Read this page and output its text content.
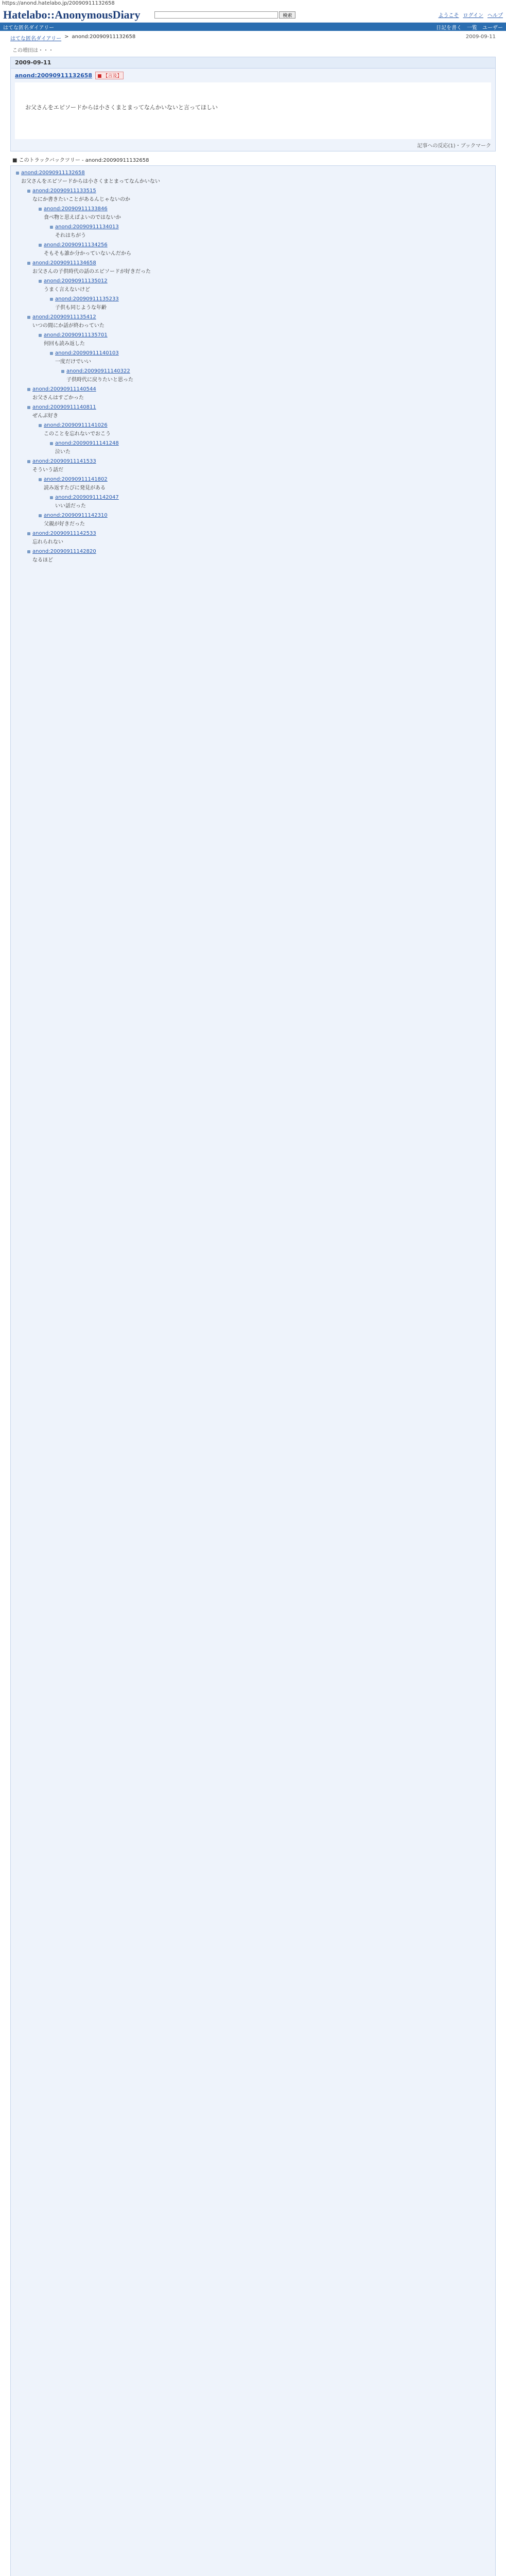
https://anond.hatelabo.jp/20090911132658
Hatelabo::AnonymousDiary	検索	ようこそ ログイン ヘルプ
はてな匿名ダイアリー	日記を書く 一覧 ユーザー
はてな匿名ダイアリー > anond:20090911132658	2009-09-11
この増田は・・・
2009-09-11
anond:20090911132658	■ 【言及】
お父さんをエピソードからは小さくまとまってなんかいないと言ってほしい
記事への反応(1)・ブックマーク
■ このトラックバックツリー - anond:20090911132658
anond:20090911132658
お父さんをエピソードからは小さくまとまってなんかいない
anond:20090911133515
なにか書きたいことがあるんじゃないのか
anond:20090911133846
食べ物と思えばよいのではないか
anond:20090911134013
それはちがう
anond:20090911134256
そもそも誰か分かっていないんだから
anond:20090911134658
お父さんの子供時代の話のエピソードが好きだった
anond:20090911135012
うまく言えないけど
anond:20090911135233
子供も同じような年齢
anond:20090911135412
いつの間にか話が終わっていた
anond:20090911135701
何回も読み返した
anond:20090911140103
一度だけでいい
anond:20090911140322
子供時代に戻りたいと思った
anond:20090911140544
お父さんはすごかった
anond:20090911140811
ぜんぶ好き
anond:20090911141026
このことを忘れないでおこう
anond:20090911141248
泣いた
anond:20090911141533
そういう話だ
anond:20090911141802
読み返すたびに発見がある
anond:20090911142047
いい話だった
anond:20090911142310
父親が好きだった
anond:20090911142533
忘れられない
anond:20090911142820
なるほど
